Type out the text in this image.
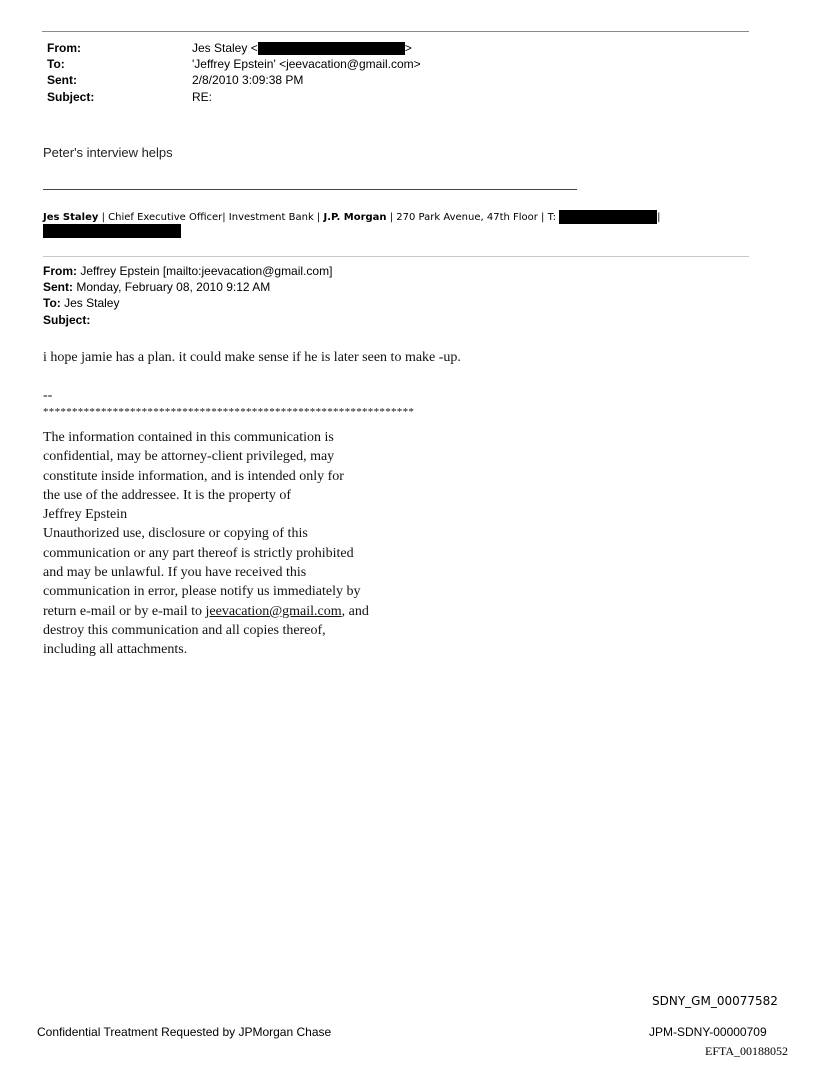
From:	Jes Staley <	>
To:	'Jeffrey Epstein' <jeevacation@gmail.com>
Sent:	2/8/2010 3:09:38 PM
Subject:	RE:
Peter's interview helps
Jes Staley | Chief Executive Officer| Investment Bank | J.P. Morgan | 270 Park Avenue, 47th Floor | T:	|
From: Jeffrey Epstein [mailto:jeevacation@gmail.com]
Sent: Monday, February 08, 2010 9:12 AM
To: Jes Staley
Subject:
i hope jamie has a plan. it could make sense if he is later seen to make -up.
--
****************************************************************
The information contained in this communication is
confidential, may be attorney-client privileged, may
constitute inside information, and is intended only for
the use of the addressee. It is the property of
Jeffrey Epstein
Unauthorized use, disclosure or copying of this
communication or any part thereof is strictly prohibited
and may be unlawful. If you have received this
communication in error, please notify us immediately by
return e-mail or by e-mail to jeevacation@gmail.com, and
destroy this communication and all copies thereof,
including all attachments.
SDNY_GM_00077582
Confidential Treatment Requested by JPMorgan Chase	JPM-SDNY-00000709
EFTA_00188052
